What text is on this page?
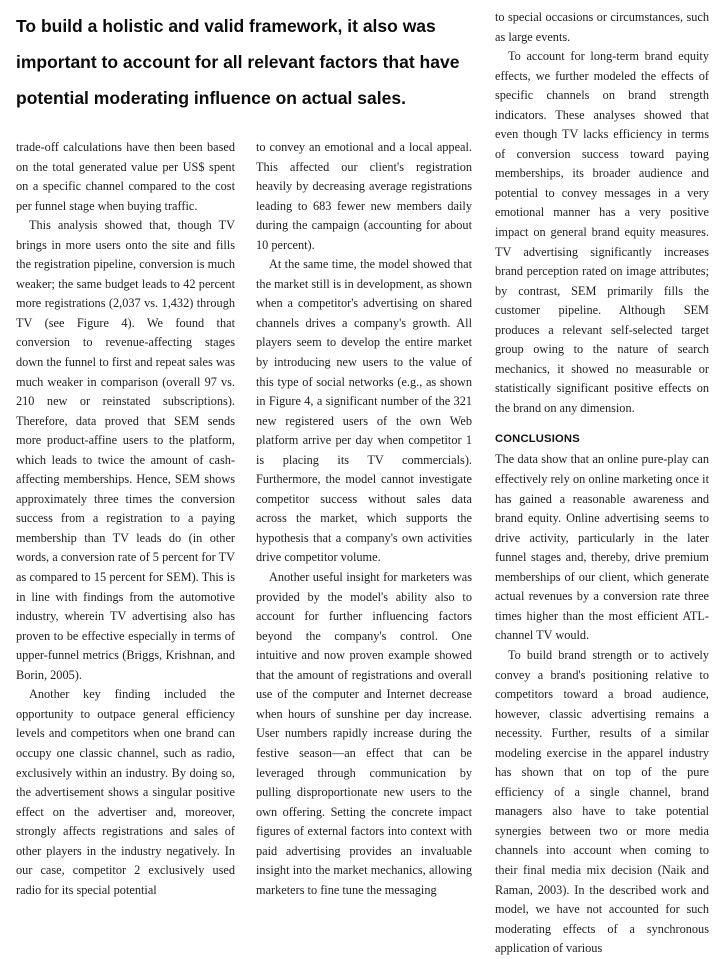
To build a holistic and valid framework, it also was important to account for all relevant factors that have potential moderating influence on actual sales.

trade-off calculations have then been based on the total generated value per US$ spent on a specific channel compared to the cost per funnel stage when buying traffic.

This analysis showed that, though TV brings in more users onto the site and fills the registration pipeline, conversion is much weaker; the same budget leads to 42 percent more registrations (2,037 vs. 1,432) through TV (see Figure 4). We found that conversion to revenue-affecting stages down the funnel to first and repeat sales was much weaker in comparison (overall 97 vs. 210 new or reinstated subscriptions). Therefore, data proved that SEM sends more product-affine users to the platform, which leads to twice the amount of cash-affecting memberships. Hence, SEM shows approximately three times the conversion success from a registration to a paying membership than TV leads do (in other words, a conversion rate of 5 percent for TV as compared to 15 percent for SEM). This is in line with findings from the automotive industry, wherein TV advertising also has proven to be effective especially in terms of upper-funnel metrics (Briggs, Krishnan, and Borin, 2005).

Another key finding included the opportunity to outpace general efficiency levels and competitors when one brand can occupy one classic channel, such as radio, exclusively within an industry. By doing so, the advertisement shows a singular positive effect on the advertiser and, moreover, strongly affects registrations and sales of other players in the industry negatively. In our case, competitor 2 exclusively used radio for its special potential

to convey an emotional and a local appeal. This affected our client's registration heavily by decreasing average registrations leading to 683 fewer new members daily during the campaign (accounting for about 10 percent).

At the same time, the model showed that the market still is in development, as shown when a competitor's advertising on shared channels drives a company's growth. All players seem to develop the entire market by introducing new users to the value of this type of social networks (e.g., as shown in Figure 4, a significant number of the 321 new registered users of the own Web platform arrive per day when competitor 1 is placing its TV commercials). Furthermore, the model cannot investigate competitor success without sales data across the market, which supports the hypothesis that a company's own activities drive competitor volume.

Another useful insight for marketers was provided by the model's ability also to account for further influencing factors beyond the company's control. One intuitive and now proven example showed that the amount of registrations and overall use of the computer and Internet decrease when hours of sunshine per day increase. User numbers rapidly increase during the festive season—an effect that can be leveraged through communication by pulling disproportionate new users to the own offering. Setting the concrete impact figures of external factors into context with paid advertising provides an invaluable insight into the market mechanics, allowing marketers to fine tune the messaging

to special occasions or circumstances, such as large events.

To account for long-term brand equity effects, we further modeled the effects of specific channels on brand strength indicators. These analyses showed that even though TV lacks efficiency in terms of conversion success toward paying memberships, its broader audience and potential to convey messages in a very emotional manner has a very positive impact on general brand equity measures. TV advertising significantly increases brand perception rated on image attributes; by contrast, SEM primarily fills the customer pipeline. Although SEM produces a relevant self-selected target group owing to the nature of search mechanics, it showed no measurable or statistically significant positive effects on the brand on any dimension.

CONCLUSIONS

The data show that an online pure-play can effectively rely on online marketing once it has gained a reasonable awareness and brand equity. Online advertising seems to drive activity, particularly in the later funnel stages and, thereby, drive premium memberships of our client, which generate actual revenues by a conversion rate three times higher than the most efficient ATL-channel TV would.

To build brand strength or to actively convey a brand's positioning relative to competitors toward a broad audience, however, classic advertising remains a necessity. Further, results of a similar modeling exercise in the apparel industry has shown that on top of the pure efficiency of a single channel, brand managers also have to take potential synergies between two or more media channels into account when coming to their final media mix decision (Naik and Raman, 2003). In the described work and model, we have not accounted for such moderating effects of a synchronous application of various
